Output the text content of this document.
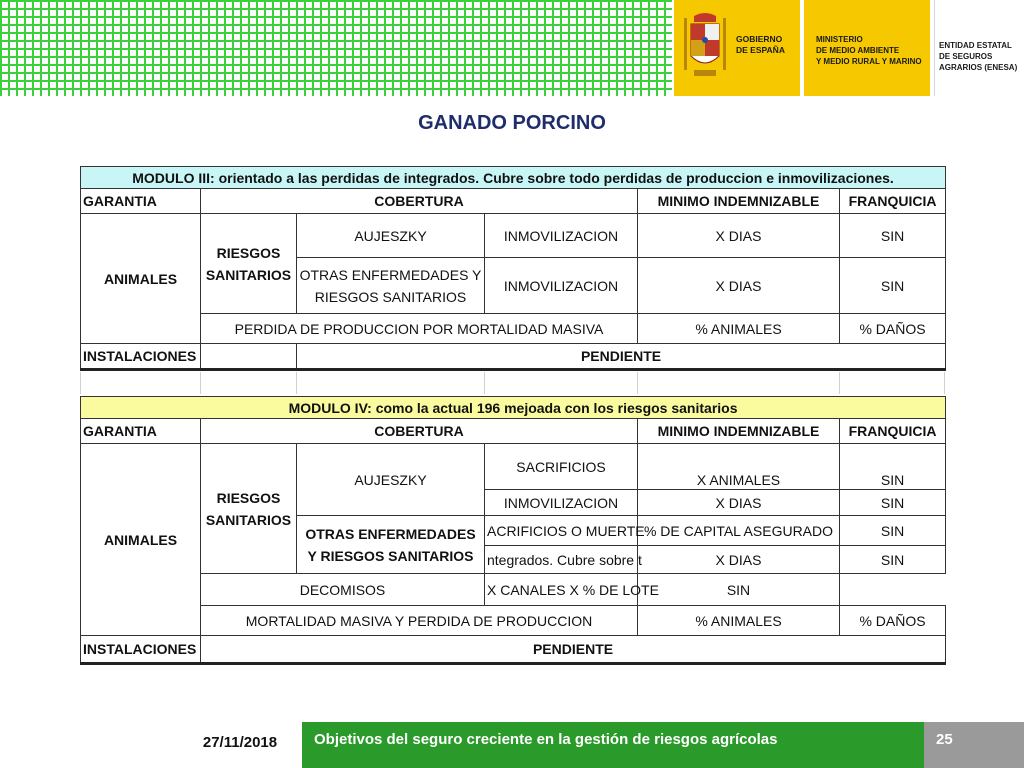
GOBIERNO
DE ESPAÑA
MINISTERIO
DE MEDIO AMBIENTE
Y MEDIO RURAL Y MARINO
ENTIDAD ESTATAL
DE SEGUROS
AGRARIOS (ENESA)
GANADO PORCINO
MODULO III: orientado a las perdidas de integrados. Cubre sobre todo perdidas de produccion e inmovilizaciones.					
GARANTIA	COBERTURA			MINIMO INDEMNIZABLE	FRANQUICIA
ANIMALES	RIESGOS SANITARIOS	AUJESZKY	INMOVILIZACION	X DIAS	SIN
		OTRAS ENFERMEDADES Y RIESGOS SANITARIOS	INMOVILIZACION	X DIAS	SIN
	PERDIDA DE PRODUCCION POR MORTALIDAD MASIVA			% ANIMALES	% DAÑOS
INSTALACIONES		PENDIENTE			
MODULO IV: como la actual 196 mejoada con los riesgos sanitarios					
GARANTIA	COBERTURA			MINIMO INDEMNIZABLE	FRANQUICIA
ANIMALES	RIESGOS SANITARIOS	AUJESZKY	SACRIFICIOS	X ANIMALES	SIN
			INMOVILIZACION	X DIAS	SIN
		OTRAS ENFERMEDADES Y RIESGOS SANITARIOS	ACRIFICIOS O MUERTE	% DE CAPITAL ASEGURADO	SIN
			ntegrados. Cubre sobre t	X DIAS	SIN
	DECOMISOS		X CANALES X % DE LOTE	SIN	
	MORTALIDAD MASIVA Y PERDIDA DE PRODUCCION			% ANIMALES	% DAÑOS
INSTALACIONES	PENDIENTE				
27/11/2018	Objetivos del seguro creciente en la gestión de riesgos agrícolas	25
